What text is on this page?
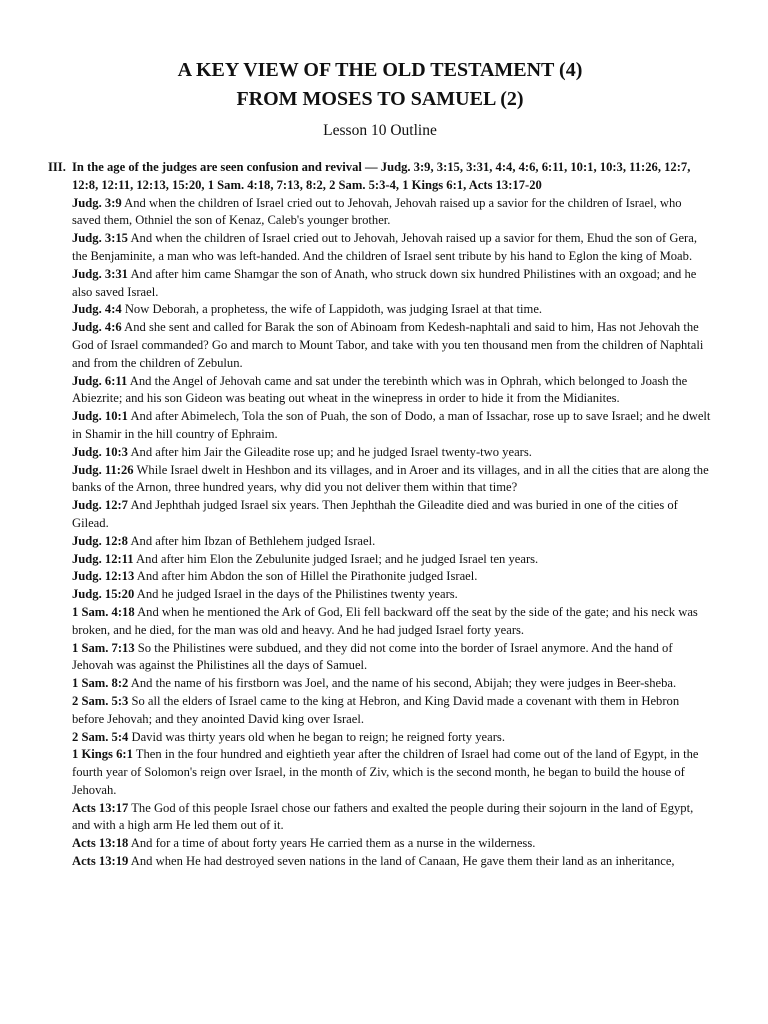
A KEY VIEW OF THE OLD TESTAMENT (4)
FROM MOSES TO SAMUEL (2)

Lesson 10 Outline

III. In the age of the judges are seen confusion and revival — Judg. 3:9, 3:15, 3:31, 4:4, 4:6, 6:11, 10:1, 10:3, 11:26, 12:7, 12:8, 12:11, 12:13, 15:20, 1 Sam. 4:18, 7:13, 8:2, 2 Sam. 5:3-4, 1 Kings 6:1, Acts 13:17-20

Judg. 3:9 And when the children of Israel cried out to Jehovah, Jehovah raised up a savior for the children of Israel, who saved them, Othniel the son of Kenaz, Caleb's younger brother.

Judg. 3:15 And when the children of Israel cried out to Jehovah, Jehovah raised up a savior for them, Ehud the son of Gera, the Benjaminite, a man who was left-handed. And the children of Israel sent tribute by his hand to Eglon the king of Moab.

Judg. 3:31 And after him came Shamgar the son of Anath, who struck down six hundred Philistines with an oxgoad; and he also saved Israel.

Judg. 4:4 Now Deborah, a prophetess, the wife of Lappidoth, was judging Israel at that time.

Judg. 4:6 And she sent and called for Barak the son of Abinoam from Kedesh-naphtali and said to him, Has not Jehovah the God of Israel commanded? Go and march to Mount Tabor, and take with you ten thousand men from the children of Naphtali and from the children of Zebulun.

Judg. 6:11 And the Angel of Jehovah came and sat under the terebinth which was in Ophrah, which belonged to Joash the Abiezrite; and his son Gideon was beating out wheat in the winepress in order to hide it from the Midianites.

Judg. 10:1 And after Abimelech, Tola the son of Puah, the son of Dodo, a man of Issachar, rose up to save Israel; and he dwelt in Shamir in the hill country of Ephraim.

Judg. 10:3 And after him Jair the Gileadite rose up; and he judged Israel twenty-two years.

Judg. 11:26 While Israel dwelt in Heshbon and its villages, and in Aroer and its villages, and in all the cities that are along the banks of the Arnon, three hundred years, why did you not deliver them within that time?

Judg. 12:7 And Jephthah judged Israel six years. Then Jephthah the Gileadite died and was buried in one of the cities of Gilead.

Judg. 12:8 And after him Ibzan of Bethlehem judged Israel.

Judg. 12:11 And after him Elon the Zebulunite judged Israel; and he judged Israel ten years.

Judg. 12:13 And after him Abdon the son of Hillel the Pirathonite judged Israel.

Judg. 15:20 And he judged Israel in the days of the Philistines twenty years.

1 Sam. 4:18 And when he mentioned the Ark of God, Eli fell backward off the seat by the side of the gate; and his neck was broken, and he died, for the man was old and heavy. And he had judged Israel forty years.

1 Sam. 7:13 So the Philistines were subdued, and they did not come into the border of Israel anymore. And the hand of Jehovah was against the Philistines all the days of Samuel.

1 Sam. 8:2 And the name of his firstborn was Joel, and the name of his second, Abijah; they were judges in Beer-sheba.

2 Sam. 5:3 So all the elders of Israel came to the king at Hebron, and King David made a covenant with them in Hebron before Jehovah; and they anointed David king over Israel.

2 Sam. 5:4 David was thirty years old when he began to reign; he reigned forty years.

1 Kings 6:1 Then in the four hundred and eightieth year after the children of Israel had come out of the land of Egypt, in the fourth year of Solomon's reign over Israel, in the month of Ziv, which is the second month, he began to build the house of Jehovah.

Acts 13:17 The God of this people Israel chose our fathers and exalted the people during their sojourn in the land of Egypt, and with a high arm He led them out of it.

Acts 13:18 And for a time of about forty years He carried them as a nurse in the wilderness.

Acts 13:19 And when He had destroyed seven nations in the land of Canaan, He gave them their land as an inheritance,
